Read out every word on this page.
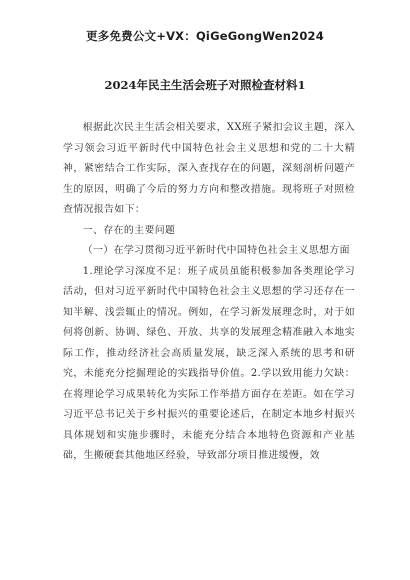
更多免费公文+VX：QiGeGongWen2024
2024年民主生活会班子对照检查材料1

根据此次民主生活会相关要求，XX班子紧扣会议主题，深入学习领会习近平新时代中国特色社会主义思想和党的二十大精神，紧密结合工作实际，深入查找存在的问题，深刻剖析问题产生的原因，明确了今后的努力方向和整改措施。现将班子对照检查情况报告如下：

一、存在的主要问题

（一）在学习贯彻习近平新时代中国特色社会主义思想方面

1.理论学习深度不足：班子成员虽能积极参加各类理论学习活动，但对习近平新时代中国特色社会主义思想的学习还存在一知半解、浅尝辄止的情况。例如，在学习新发展理念时，对于如何将创新、协调、绿色、开放、共享的发展理念精准融入本地实际工作，推动经济社会高质量发展，缺乏深入系统的思考和研究，未能充分挖掘理论的实践指导价值。2.学以致用能力欠缺：在将理论学习成果转化为实际工作举措方面存在差距。如在学习习近平总书记关于乡村振兴的重要论述后，在制定本地乡村振兴具体规划和实施步骤时，未能充分结合本地特色资源和产业基础，生搬硬套其他地区经验，导致部分项目推进缓慢，效
